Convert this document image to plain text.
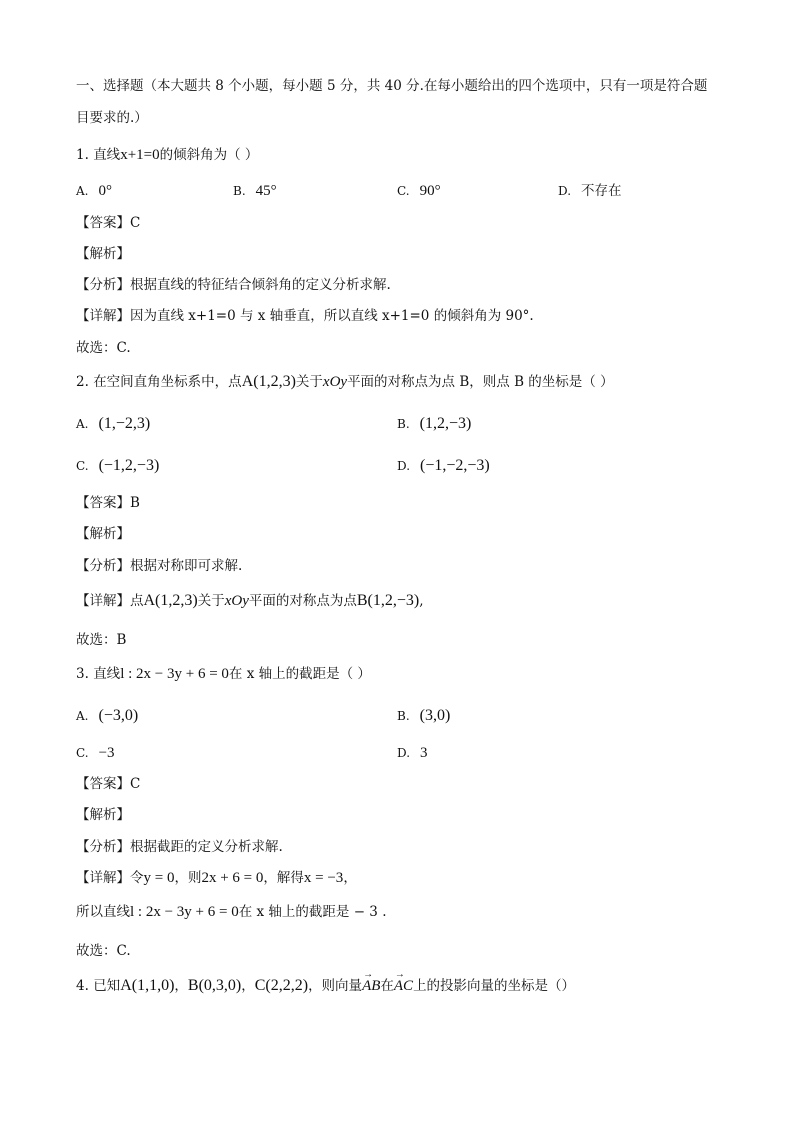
一、选择题（本大题共 8 个小题，每小题 5 分，共 40 分.在每小题给出的四个选项中，只有一项是符合题
目要求的.）
1. 直线x+1=0的倾斜角为（ ）
A. 0°	B. 45°	C. 90°	D. 不存在
【答案】C
【解析】
【分析】根据直线的特征结合倾斜角的定义分析求解.
【详解】因为直线 x+1=0 与 x 轴垂直，所以直线 x+1=0 的倾斜角为 90°.
故选：C.
2. 在空间直角坐标系中，点A(1,2,3)关于xOy平面的对称点为点 B，则点 B 的坐标是（ ）
A. (1,−2,3)	B. (1,2,−3)
C. (−1,2,−3)	D. (−1,−2,−3)
【答案】B
【解析】
【分析】根据对称即可求解.
【详解】点A(1,2,3)关于xOy平面的对称点为点B(1,2,−3),
故选：B
3. 直线l : 2x − 3y + 6 = 0在 x 轴上的截距是（ ）
A. (−3,0)	B. (3,0)
C. −3	D. 3
【答案】C
【解析】
【分析】根据截距的定义分析求解.
【详解】令y = 0，则2x + 6 = 0，解得x = −3，
所以直线l : 2x − 3y + 6 = 0在 x 轴上的截距是 − 3 .
故选：C.
4. 已知A(1,1,0)，B(0,3,0)，C(2,2,2)，则向量→ AB在→ AC上的投影向量的坐标是（）
